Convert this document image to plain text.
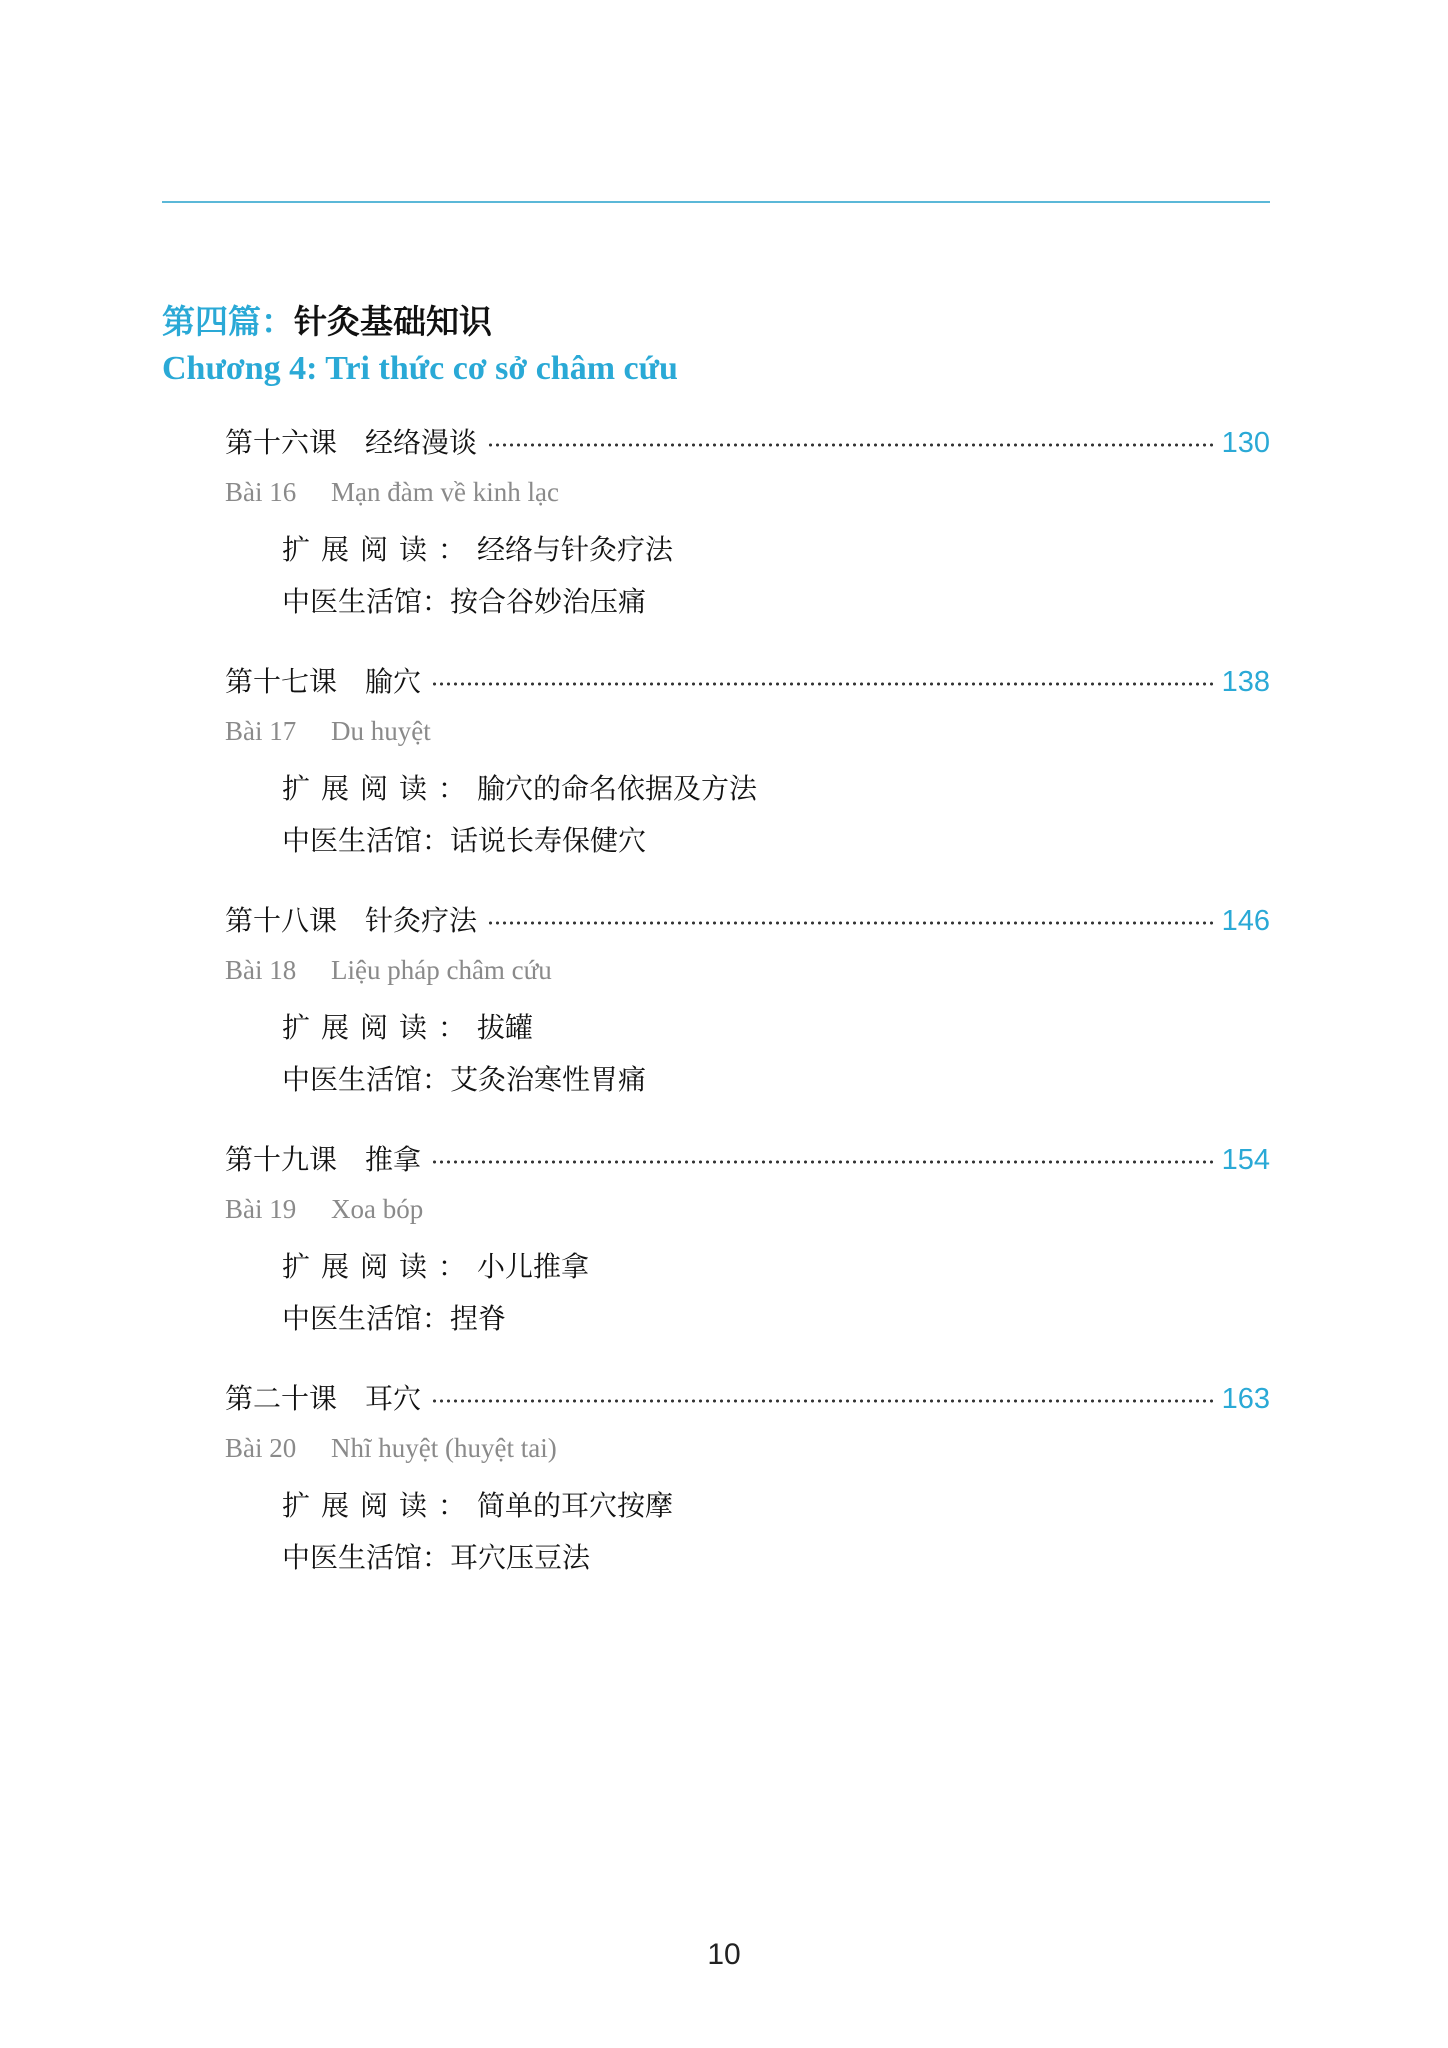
第四篇：针灸基础知识
Chương 4: Tri thức cơ sở châm cứu
第十六课 经络漫谈	130
Bài 16 Mạn đàm về kinh lạc
扩展阅读：经络与针灸疗法
中医生活馆：按合谷妙治压痛
第十七课 腧穴	138
Bài 17 Du huyệt
扩展阅读：腧穴的命名依据及方法
中医生活馆：话说长寿保健穴
第十八课 针灸疗法	146
Bài 18 Liệu pháp châm cứu
扩展阅读：拔罐
中医生活馆：艾灸治寒性胃痛
第十九课 推拿	154
Bài 19 Xoa bóp
扩展阅读：小儿推拿
中医生活馆：捏脊
第二十课 耳穴	163
Bài 20 Nhĩ huyệt (huyệt tai)
扩展阅读：简单的耳穴按摩
中医生活馆：耳穴压豆法
10
